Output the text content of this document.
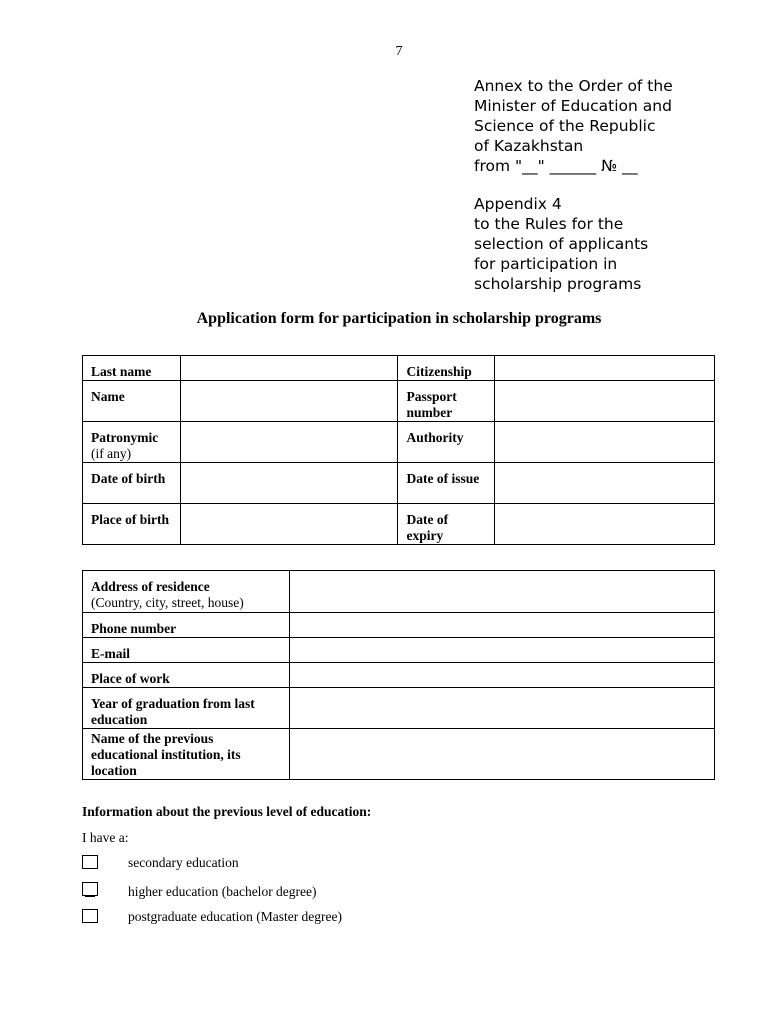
7
Annex to the Order of the
Minister of Education and
Science of the Republic
of Kazakhstan
from "__" ______ № __
Appendix 4
to the Rules for the
selection of applicants
for participation in
scholarship programs
Application form for participation in scholarship programs
Last name		Citizenship	
Name		Passport number	
Patronymic
(if any)		Authority	
Date of birth		Date of issue	
Place of birth		Date of expiry	
Address of residence
(Country, city, street, house)	
Phone number	
E-mail	
Place of work	
Year of graduation from last education	
Name of the previous educational institution, its location	
Information about the previous level of education:
I have a:
secondary education
higher education (bachelor degree)
postgraduate education (Master degree)
